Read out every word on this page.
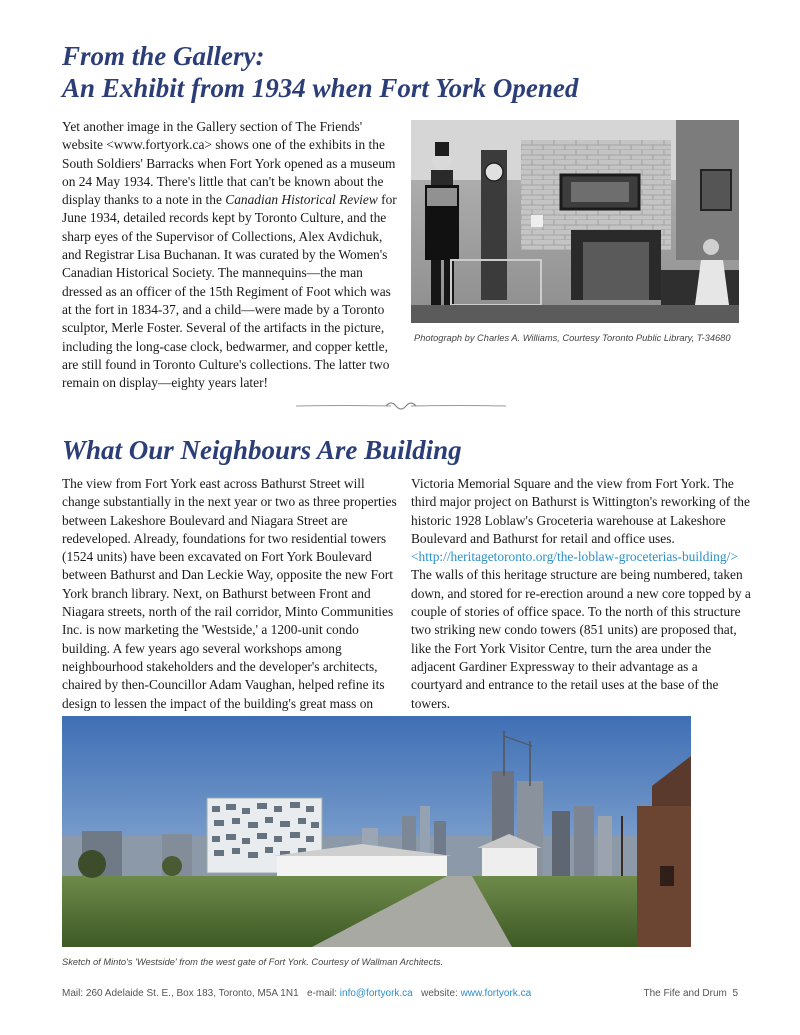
From the Gallery:
An Exhibit from 1934 when Fort York Opened
Yet another image in the Gallery section of The Friends' website <www.fortyork.ca> shows one of the exhibits in the South Soldiers' Barracks when Fort York opened as a museum on 24 May 1934. There's little that can't be known about the display thanks to a note in the Canadian Historical Review for June 1934, detailed records kept by Toronto Culture, and the sharp eyes of the Supervisor of Collections, Alex Avdichuk, and Registrar Lisa Buchanan. It was curated by the Women's Canadian Historical Society. The mannequins—the man dressed as an officer of the 15th Regiment of Foot which was at the fort in 1834-37, and a child—were made by a Toronto sculptor, Merle Foster. Several of the artifacts in the picture, including the long-case clock, bedwarmer, and copper kettle, are still found in Toronto Culture's collections. The latter two remain on display—eighty years later!
Photograph by Charles A. Williams, Courtesy Toronto Public Library, T-34680
What Our Neighbours Are Building
The view from Fort York east across Bathurst Street will change substantially in the next year or two as three properties between Lakeshore Boulevard and Niagara Street are redeveloped. Already, foundations for two residential towers (1524 units) have been excavated on Fort York Boulevard between Bathurst and Dan Leckie Way, opposite the new Fort York branch library. Next, on Bathurst between Front and Niagara streets, north of the rail corridor, Minto Communities Inc. is now marketing the 'Westside,' a 1200-unit condo building. A few years ago several workshops among neighbourhood stakeholders and the developer's architects, chaired by then-Councillor Adam Vaughan, helped refine its design to lessen the impact of the building's great mass on
Victoria Memorial Square and the view from Fort York. The third major project on Bathurst is Wittington's reworking of the historic 1928 Loblaw's Groceteria warehouse at Lakeshore Boulevard and Bathurst for retail and office uses.
<http://heritagetoronto.org/the-loblaw-groceterias-building/>
The walls of this heritage structure are being numbered, taken down, and stored for re-erection around a new core topped by a couple of stories of office space. To the north of this structure two striking new condo towers (851 units) are proposed that, like the Fort York Visitor Centre, turn the area under the adjacent Gardiner Expressway to their advantage as a courtyard and entrance to the retail uses at the base of the towers.
Sketch of Minto's 'Westside' from the west gate of Fort York. Courtesy of Wallman Architects.
Mail: 260 Adelaide St. E., Box 183, Toronto, M5A 1N1 e-mail: info@fortyork.ca website: www.fortyork.ca	The Fife and Drum 5
